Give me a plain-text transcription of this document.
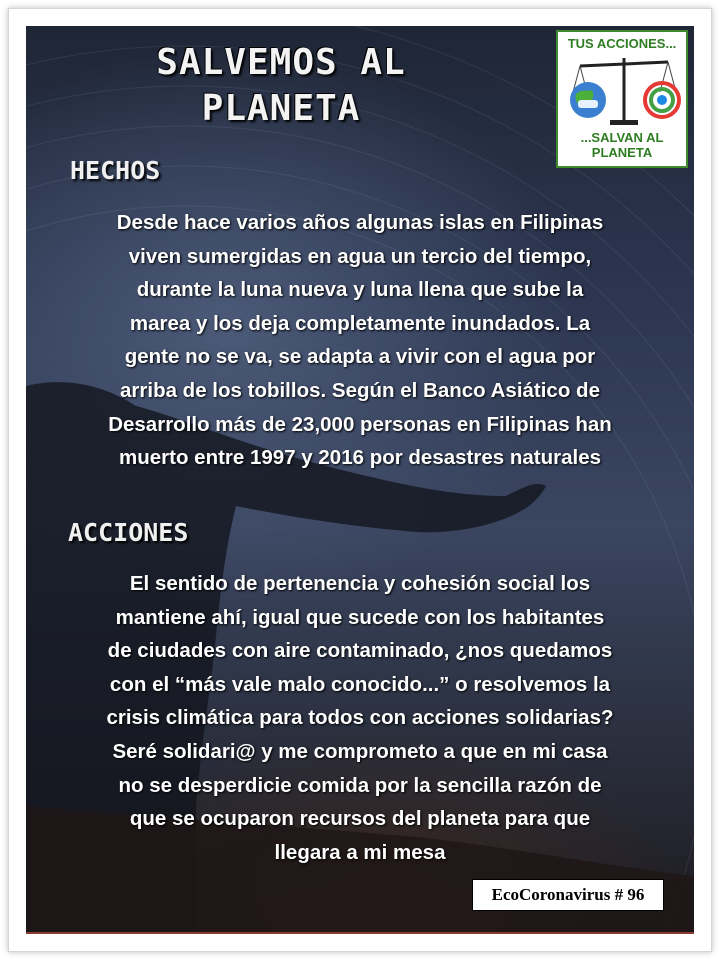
SALVEMOS AL
PLANETA
TUS ACCIONES...
...SALVAN AL
PLANETA
HECHOS
Desde hace varios años algunas islas en Filipinas
viven sumergidas en agua un tercio del tiempo,
durante la luna nueva y luna llena que sube la
marea y los deja completamente inundados. La
gente no se va, se adapta a vivir con el agua por
arriba de los tobillos. Según el Banco Asiático de
Desarrollo más de 23,000 personas en Filipinas han
muerto entre 1997 y 2016 por desastres naturales
ACCIONES
El sentido de pertenencia y cohesión social los
mantiene ahí, igual que sucede con los habitantes
de ciudades con aire contaminado, ¿nos quedamos
con el “más vale malo conocido...” o resolvemos la
crisis climática para todos con acciones solidarias?
Seré solidari@ y me comprometo a que en mi casa
no se desperdicie comida por la sencilla razón de
que se ocuparon recursos del planeta para que
llegara a mi mesa
EcoCoronavirus # 96
